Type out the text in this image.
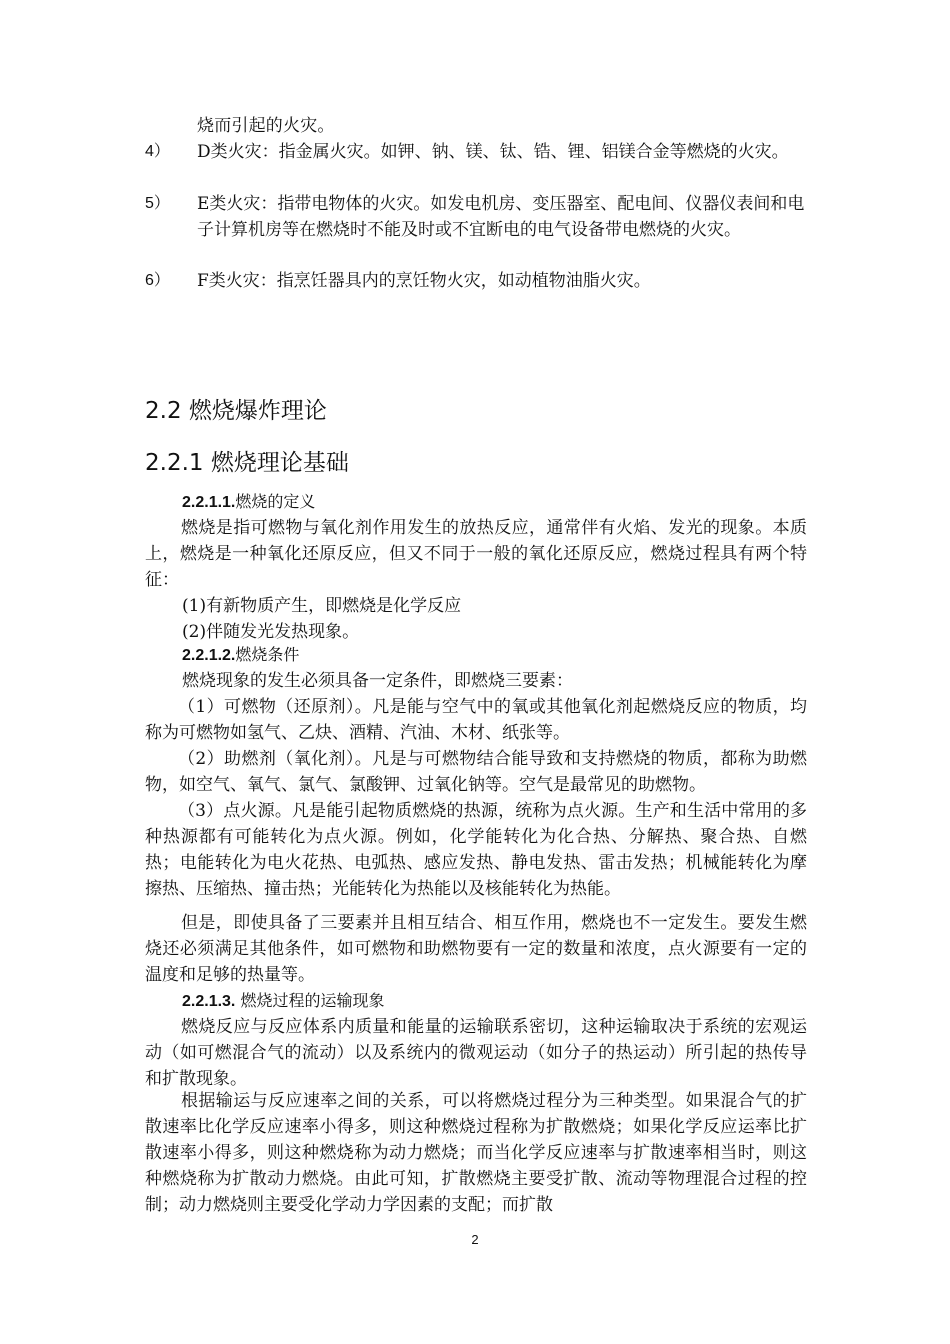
烧而引起的火灾。
4）	D类火灾：指金属火灾。如钾、钠、镁、钛、锆、锂、铝镁合金等燃烧的火灾。
5）	E类火灾：指带电物体的火灾。如发电机房、变压器室、配电间、仪器仪表间和电子计算机房等在燃烧时不能及时或不宜断电的电气设备带电燃烧的火灾。
6）	F类火灾：指烹饪器具内的烹饪物火灾，如动植物油脂火灾。
2.2 燃烧爆炸理论
2.2.1 燃烧理论基础
2.2.1.1.燃烧的定义
燃烧是指可燃物与氧化剂作用发生的放热反应，通常伴有火焰、发光的现象。本质上，燃烧是一种氧化还原反应，但又不同于一般的氧化还原反应，燃烧过程具有两个特征：
(1)有新物质产生，即燃烧是化学反应
(2)伴随发光发热现象。
2.2.1.2.燃烧条件
燃烧现象的发生必须具备一定条件，即燃烧三要素：
（1）可燃物（还原剂）。凡是能与空气中的氧或其他氧化剂起燃烧反应的物质，均称为可燃物如氢气、乙炔、酒精、汽油、木材、纸张等。
（2）助燃剂（氧化剂）。凡是与可燃物结合能导致和支持燃烧的物质，都称为助燃物，如空气、氧气、氯气、氯酸钾、过氧化钠等。空气是最常见的助燃物。
（3）点火源。凡是能引起物质燃烧的热源，统称为点火源。生产和生活中常用的多种热源都有可能转化为点火源。例如，化学能转化为化合热、分解热、聚合热、自燃热；电能转化为电火花热、电弧热、感应发热、静电发热、雷击发热；机械能转化为摩擦热、压缩热、撞击热；光能转化为热能以及核能转化为热能。
但是，即使具备了三要素并且相互结合、相互作用，燃烧也不一定发生。要发生燃烧还必须满足其他条件，如可燃物和助燃物要有一定的数量和浓度，点火源要有一定的温度和足够的热量等。
2.2.1.3. 燃烧过程的运输现象
燃烧反应与反应体系内质量和能量的运输联系密切，这种运输取决于系统的宏观运动（如可燃混合气的流动）以及系统内的微观运动（如分子的热运动）所引起的热传导和扩散现象。
根据输运与反应速率之间的关系，可以将燃烧过程分为三种类型。如果混合气的扩散速率比化学反应速率小得多，则这种燃烧过程称为扩散燃烧；如果化学反应运率比扩散速率小得多，则这种燃烧称为动力燃烧；而当化学反应速率与扩散速率相当时，则这种燃烧称为扩散动力燃烧。由此可知，扩散燃烧主要受扩散、流动等物理混合过程的控制；动力燃烧则主要受化学动力学因素的支配；而扩散
2
